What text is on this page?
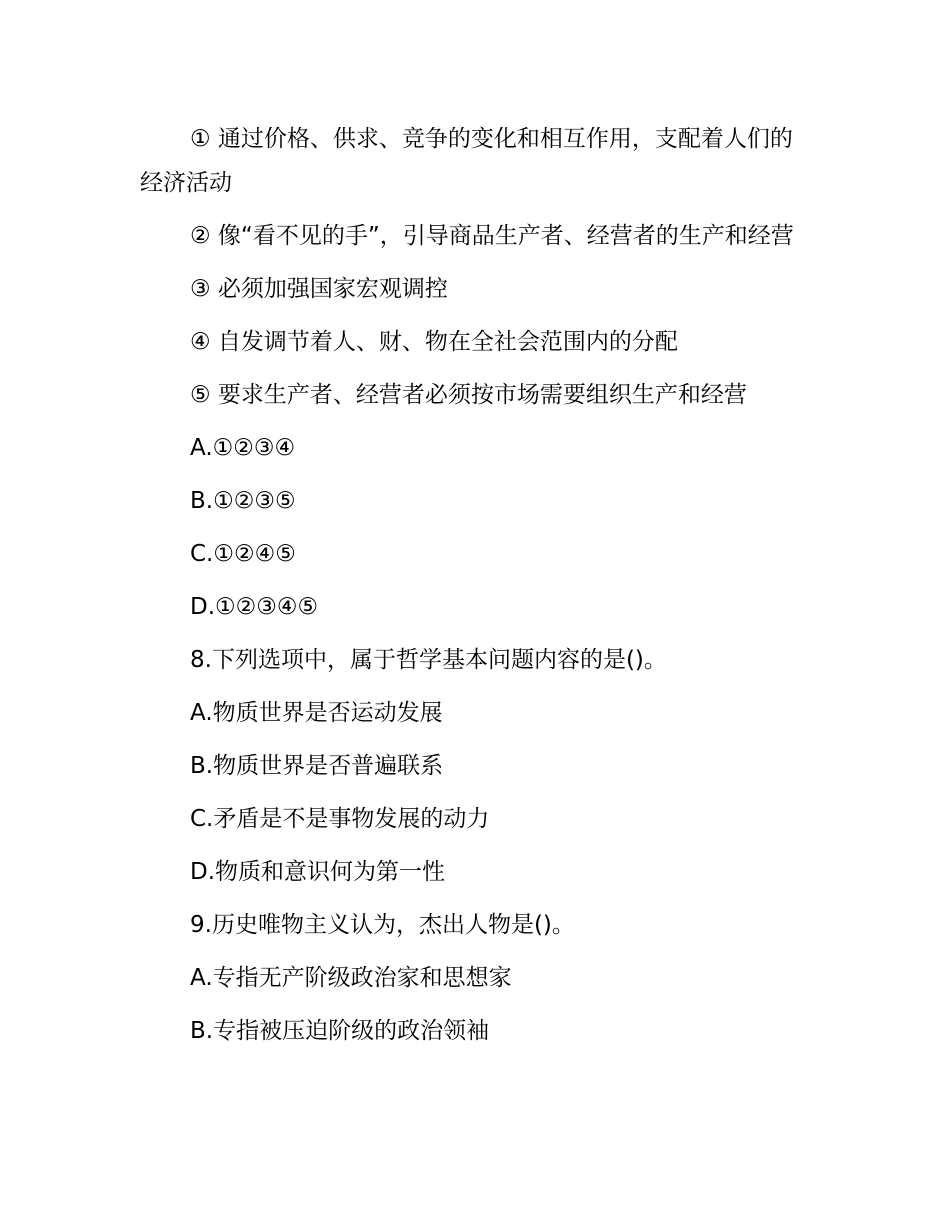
① 通过价格、供求、竞争的变化和相互作用，支配着人们的经济活动

② 像“看不见的手”，引导商品生产者、经营者的生产和经营

③ 必须加强国家宏观调控

④ 自发调节着人、财、物在全社会范围内的分配

⑤ 要求生产者、经营者必须按市场需要组织生产和经营

A.①②③④

B.①②③⑤

C.①②④⑤

D.①②③④⑤

8.下列选项中，属于哲学基本问题内容的是()。

A.物质世界是否运动发展

B.物质世界是否普遍联系

C.矛盾是不是事物发展的动力

D.物质和意识何为第一性

9.历史唯物主义认为，杰出人物是()。

A.专指无产阶级政治家和思想家

B.专指被压迫阶级的政治领袖
